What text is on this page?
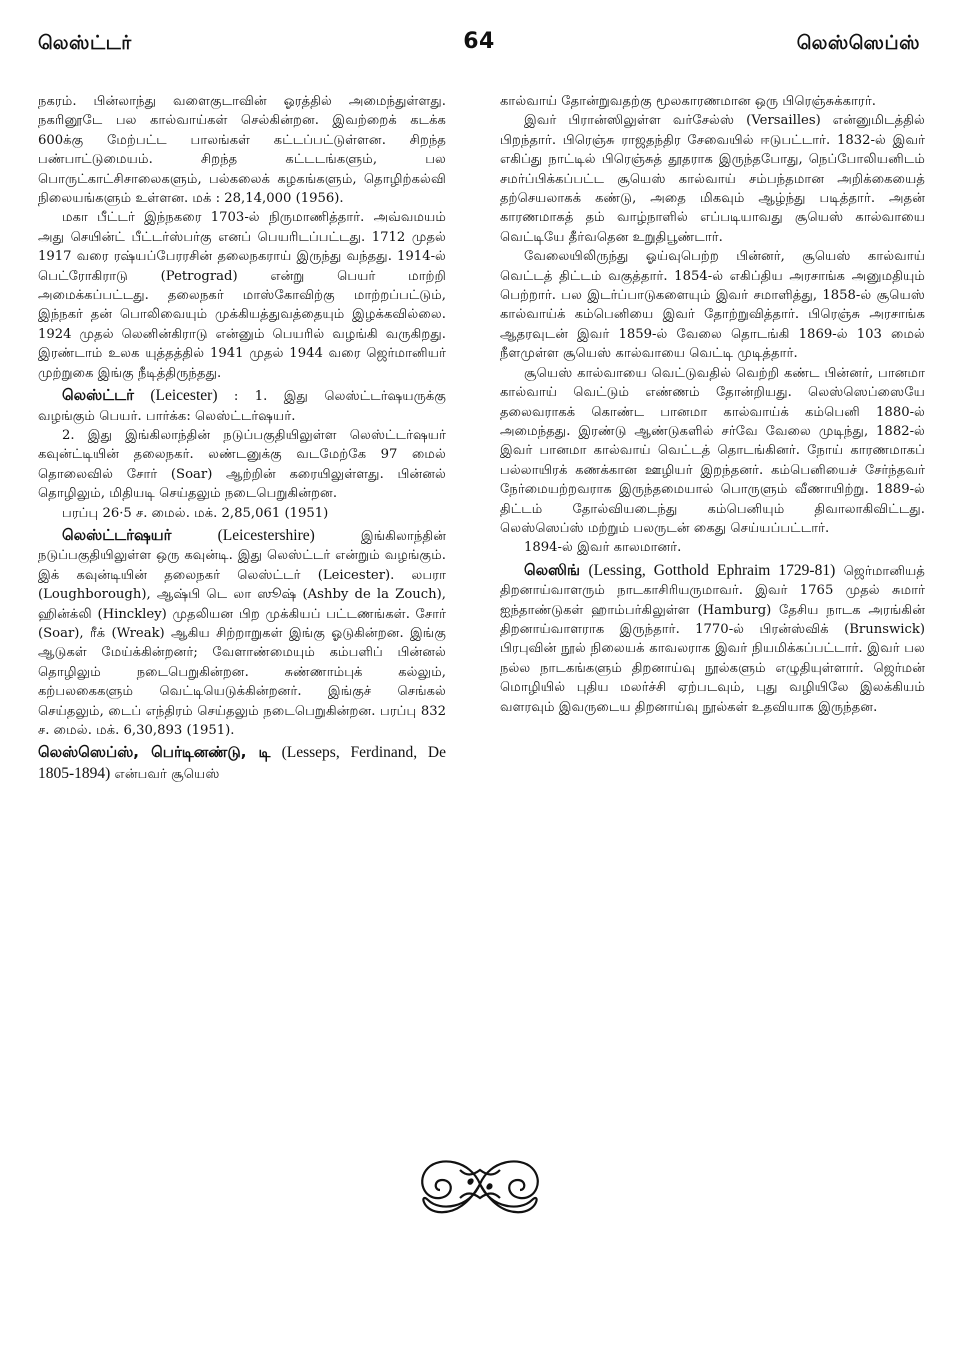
லெஸ்ட்டர்	64	லெஸ்ஸெப்ஸ்

நகரம். பின்லாந்து வளைகுடாவின் ஓரத்தில் அமைந்துள்ளது. நகரினூடே பல கால்வாய்கள் செல்கின்றன. இவற்றைக் கடக்க 600க்கு மேற்பட்ட பாலங்கள் கட்டப்பட்டுள்ளன. சிறந்த பண்பாட்டுமையம். சிறந்த கட்டடங்களும், பல பொருட்காட்சிசாலைகளும், பல்கலைக் கழகங்களும், தொழிற்கல்வி நிலையங்களும் உள்ளன. மக் : 28,14,000 (1956).

மகா பீட்டர் இந்நகரை 1703-ல் நிருமாணித்தார். அவ்வமயம் அது செயின்ட் பீட்டர்ஸ்பர்கு எனப் பெயரிடப்பட்டது. 1712 முதல் 1917 வரை ரஷ்யப்பேரரசின் தலைநகராய் இருந்து வந்தது. 1914-ல் பெட்ரோகிராடு (Petrograd) என்று பெயர் மாற்றி அமைக்கப்பட்டது. தலைநகர் மாஸ்கோவிற்கு மாற்றப்பட்டும், இந்நகர் தன் பொலிவையும் முக்கியத்துவத்தையும் இழக்கவில்லை. 1924 முதல் லெனின்கிராடு என்னும் பெயரில் வழங்கி வருகிறது. இரண்டாம் உலக யுத்தத்தில் 1941 முதல் 1944 வரை ஜெர்மானியர் முற்றுகை இங்கு நீடித்திருந்தது.

லெஸ்ட்டர் (Leicester) : 1. இது லெஸ்ட்டர்ஷயருக்கு வழங்கும் பெயர். பார்க்க: லெஸ்ட்டர்ஷயர்.

2. இது இங்கிலாந்தின் நடுப்பகுதியிலுள்ள லெஸ்ட்டர்ஷயர் கவுன்ட்டியின் தலைநகர். லண்டனுக்கு வடமேற்கே 97 மைல் தொலைவில் சோர் (Soar) ஆற்றின் கரையிலுள்ளது. பின்னல் தொழிலும், மிதியடி செய்தலும் நடைபெறுகின்றன.

பரப்பு 26·5 ச. மைல். மக். 2,85,061 (1951)

லெஸ்ட்டர்ஷயர்	(Leicestershire)	இங்கிலாந்தின் நடுப்பகுதியிலுள்ள ஒரு கவுன்டி. இது லெஸ்ட்டர் என்றும் வழங்கும். இக் கவுன்டியின் தலைநகர் லெஸ்ட்டர் (Leicester). லபரா (Loughborough), ஆஷ்பி டெ லா ஸூஷ் (Ashby de la Zouch), ஹின்க்லி (Hinckley) முதலியன பிற முக்கியப் பட்டணங்கள். சோர் (Soar), ரீக் (Wreak) ஆகிய சிற்றாறுகள் இங்கு ஓடுகின்றன. இங்கு ஆடுகள் மேய்க்கின்றனர்; வேளாண்மையும் கம்பளிப் பின்னல் தொழிலும் நடைபெறுகின்றன. சுண்ணாம்புக் கல்லும், கற்பலகைகளும் வெட்டியெடுக்கின்றனர். இங்குச் செங்கல் செய்தலும், டைப் எந்திரம் செய்தலும் நடைபெறுகின்றன. பரப்பு 832 ச. மைல். மக். 6,30,893 (1951).

லெஸ்ஸெப்ஸ், பெர்டினண்டு, டி (Lesseps, Ferdinand, De 1805-1894) என்பவர் சூயெஸ்

கால்வாய் தோன்றுவதற்கு மூலகாரணமான ஒரு பிரெஞ்சுக்காரர்.

இவர் பிரான்ஸிலுள்ள வர்சேல்ஸ் (Versailles) என்னுமிடத்தில் பிறந்தார். பிரெஞ்சு ராஜதந்திர சேவையில் ஈடுபட்டார். 1832-ல் இவர் எகிப்து நாட்டில் பிரெஞ்சுத் தூதராக இருந்தபோது, நெப்போலியனிடம் சமர்ப்பிக்கப்பட்ட சூயெஸ் கால்வாய் சம்பந்தமான அறிக்கையைத் தற்செயலாகக் கண்டு, அதை மிகவும் ஆழ்ந்து படித்தார். அதன் காரணமாகத் தம் வாழ்நாளில் எப்படியாவது சூயெஸ் கால்வாயை வெட்டியே தீர்வதென உறுதிபூண்டார்.

வேலையிலிருந்து ஓய்வுபெற்ற பின்னர், சூயெஸ் கால்வாய் வெட்டத் திட்டம் வகுத்தார். 1854-ல் எகிப்திய அரசாங்க அனுமதியும் பெற்றார். பல இடர்ப்பாடுகளையும் இவர் சமாளித்து, 1858-ல் சூயெஸ் கால்வாய்க் கம்பெனியை இவர் தோற்றுவித்தார். பிரெஞ்சு அரசாங்க ஆதரவுடன் இவர் 1859-ல் வேலை தொடங்கி 1869-ல் 103 மைல் நீளமுள்ள சூயெஸ் கால்வாயை வெட்டி முடித்தார்.

சூயெஸ் கால்வாயை வெட்டுவதில் வெற்றி கண்ட பின்னர், பானமா கால்வாய் வெட்டும் எண்ணம் தோன்றியது. லெஸ்ஸெப்ஸையே தலைவராகக் கொண்ட பானமா கால்வாய்க் கம்பெனி 1880-ல் அமைந்தது. இரண்டு ஆண்டுகளில் சர்வே வேலை முடிந்து, 1882-ல் இவர் பானமா கால்வாய் வெட்டத் தொடங்கினர். நோய் காரணமாகப் பல்லாயிரக் கணக்கான ஊழியர் இறந்தனர். கம்பெனியைச் சேர்ந்தவர் நேர்மையற்றவராக இருந்தமையால் பொருளும் வீணாயிற்று. 1889-ல் திட்டம் தோல்வியடைந்து கம்பெனியும் திவாலாகிவிட்டது. லெஸ்ஸெப்ஸ் மற்றும் பலருடன் கைது செய்யப்பட்டார்.

1894-ல் இவர் காலமானர்.

லெஸிங் (Lessing, Gotthold Ephraim 1729-81) ஜெர்மானியத் திறனாய்வாளரும் நாடகாசிரியருமாவர். இவர் 1765 முதல் சுமார் ஐந்தாண்டுகள் ஹாம்பர்கிலுள்ள (Hamburg) தேசிய நாடக அரங்கின் திறனாய்வாளராக இருந்தார். 1770-ல் பிரன்ஸ்விக் (Brunswick) பிரபுவின் நூல் நிலையக் காவலராக இவர் நியமிக்கப்பட்டார். இவர் பல நல்ல நாடகங்களும் திறனாய்வு நூல்களும் எழுதியுள்ளார். ஜெர்மன் மொழியில் புதிய மலர்ச்சி ஏற்படவும், புது வழியிலே இலக்கியம் வளரவும் இவருடைய திறனாய்வு நூல்கள் உதவியாக இருந்தன.
